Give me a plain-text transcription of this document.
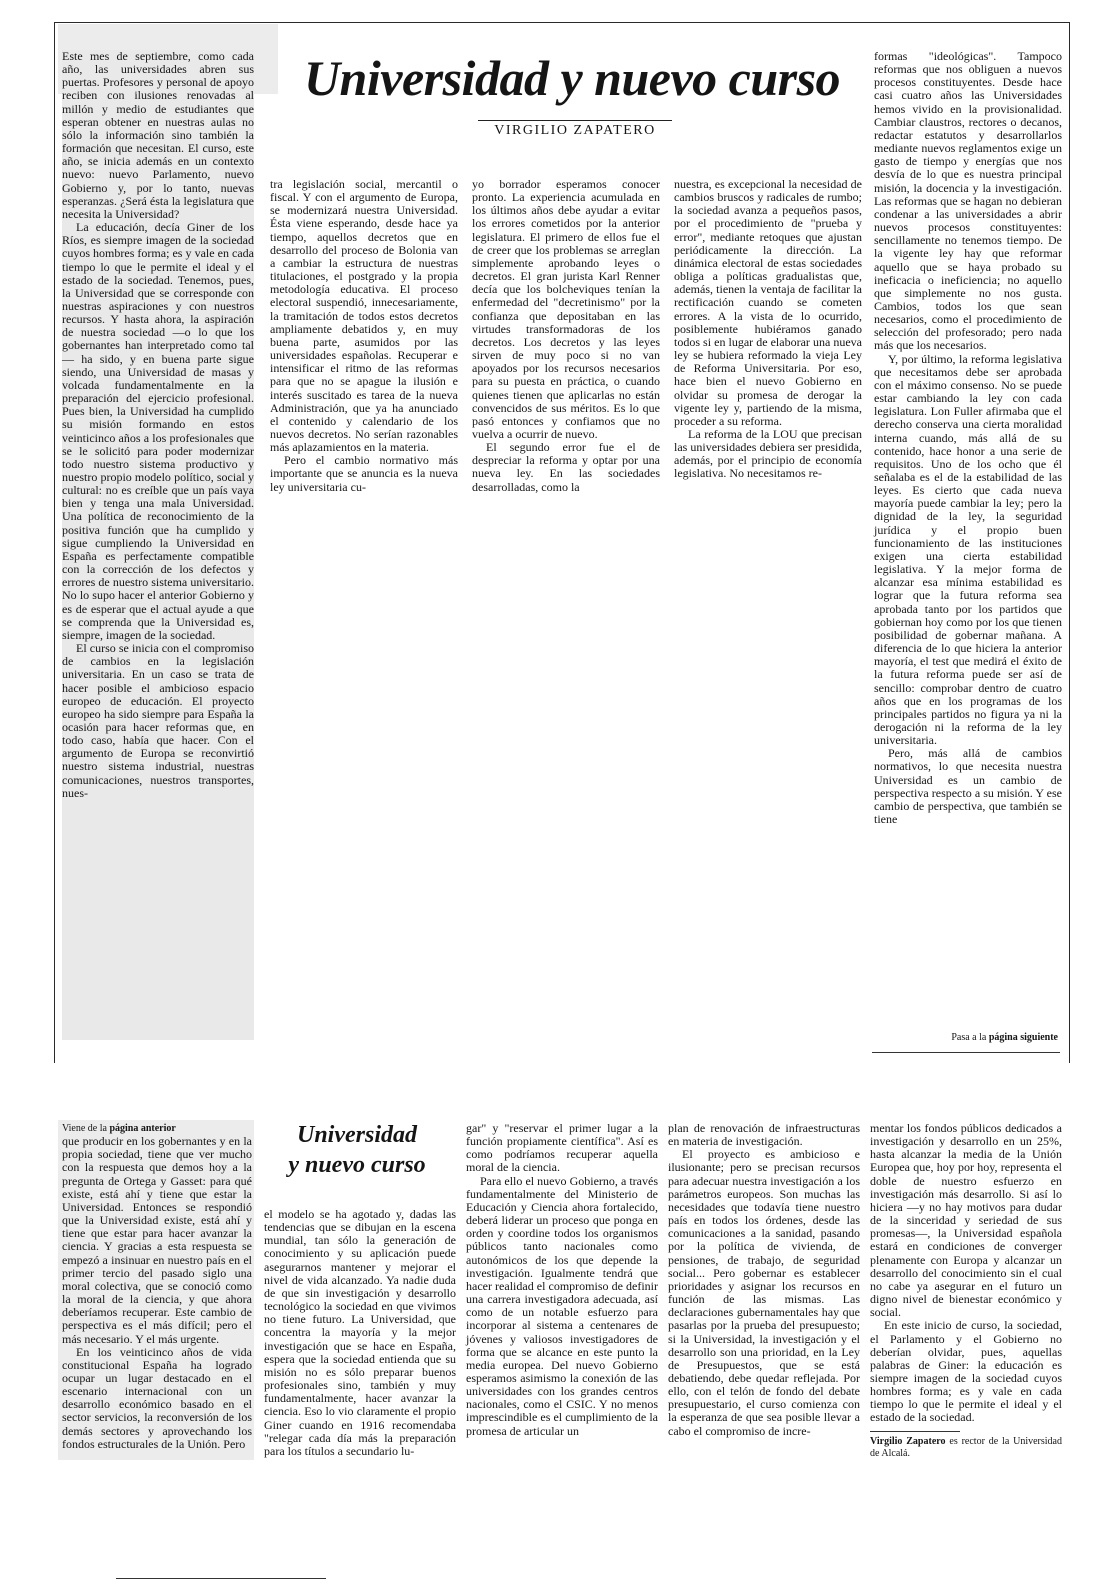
Este mes de septiembre, como cada año, las universidades abren sus puertas. Profesores y personal de apoyo reciben con ilusiones renovadas al millón y medio de estudiantes que esperan obtener en nuestras aulas no sólo la información sino también la formación que necesitan. El curso, este año, se inicia además en un contexto nuevo: nuevo Parlamento, nuevo Gobierno y, por lo tanto, nuevas esperanzas. ¿Será ésta la legislatura que necesita la Universidad?

La educación, decía Giner de los Ríos, es siempre imagen de la sociedad cuyos hombres forma; es y vale en cada tiempo lo que le permite el ideal y el estado de la sociedad. Tenemos, pues, la Universidad que se corresponde con nuestras aspiraciones y con nuestros recursos. Y hasta ahora, la aspiración de nuestra sociedad —o lo que los gobernantes han interpretado como tal— ha sido, y en buena parte sigue siendo, una Universidad de masas y volcada fundamentalmente en la preparación del ejercicio profesional. Pues bien, la Universidad ha cumplido su misión formando en estos veinticinco años a los profesionales que se le solicitó para poder modernizar todo nuestro sistema productivo y nuestro propio modelo político, social y cultural: no es creíble que un país vaya bien y tenga una mala Universidad. Una política de reconocimiento de la positiva función que ha cumplido y sigue cumpliendo la Universidad en España es perfectamente compatible con la corrección de los defectos y errores de nuestro sistema universitario. No lo supo hacer el anterior Gobierno y es de esperar que el actual ayude a que se comprenda que la Universidad es, siempre, imagen de la sociedad.

El curso se inicia con el compromiso de cambios en la legislación universitaria. En un caso se trata de hacer posible el ambicioso espacio europeo de educación. El proyecto europeo ha sido siempre para España la ocasión para hacer reformas que, en todo caso, había que hacer. Con el argumento de Europa se reconvirtió nuestro sistema industrial, nuestras comunicaciones, nuestros transportes, nues-

Universidad y nuevo curso
VIRGILIO ZAPATERO

tra legislación social, mercantil o fiscal. Y con el argumento de Europa, se modernizará nuestra Universidad. Ésta viene esperando, desde hace ya tiempo, aquellos decretos que en desarrollo del proceso de Bolonia van a cambiar la estructura de nuestras titulaciones, el postgrado y la propia metodología educativa. El proceso electoral suspendió, innecesariamente, la tramitación de todos estos decretos ampliamente debatidos y, en muy buena parte, asumidos por las universidades españolas. Recuperar e intensificar el ritmo de las reformas para que no se apague la ilusión e interés suscitado es tarea de la nueva Administración, que ya ha anunciado el contenido y calendario de los nuevos decretos. No serían razonables más aplazamientos en la materia.

Pero el cambio normativo más importante que se anuncia es la nueva ley universitaria cu-

yo borrador esperamos conocer pronto. La experiencia acumulada en los últimos años debe ayudar a evitar los errores cometidos por la anterior legislatura. El primero de ellos fue el de creer que los problemas se arreglan simplemente aprobando leyes o decretos. El gran jurista Karl Renner decía que los bolcheviques tenían la enfermedad del "decretinismo" por la confianza que depositaban en las virtudes transformadoras de los decretos. Los decretos y las leyes sirven de muy poco si no van apoyados por los recursos necesarios para su puesta en práctica, o cuando quienes tienen que aplicarlas no están convencidos de sus méritos. Es lo que pasó entonces y confiamos que no vuelva a ocurrir de nuevo.

El segundo error fue el de despreciar la reforma y optar por una nueva ley. En las sociedades desarrolladas, como la

nuestra, es excepcional la necesidad de cambios bruscos y radicales de rumbo; la sociedad avanza a pequeños pasos, por el procedimiento de "prueba y error", mediante retoques que ajustan periódicamente la dirección. La dinámica electoral de estas sociedades obliga a políticas gradualistas que, además, tienen la ventaja de facilitar la rectificación cuando se cometen errores. A la vista de lo ocurrido, posiblemente hubiéramos ganado todos si en lugar de elaborar una nueva ley se hubiera reformado la vieja Ley de Reforma Universitaria. Por eso, hace bien el nuevo Gobierno en olvidar su promesa de derogar la vigente ley y, partiendo de la misma, proceder a su reforma.

La reforma de la LOU que precisan las universidades debiera ser presidida, además, por el principio de economía legislativa. No necesitamos re-

formas "ideológicas". Tampoco reformas que nos obliguen a nuevos procesos constituyentes. Desde hace casi cuatro años las Universidades hemos vivido en la provisionalidad. Cambiar claustros, rectores o decanos, redactar estatutos y desarrollarlos mediante nuevos reglamentos exige un gasto de tiempo y energías que nos desvía de lo que es nuestra principal misión, la docencia y la investigación. Las reformas que se hagan no debieran condenar a las universidades a abrir nuevos procesos constituyentes: sencillamente no tenemos tiempo. De la vigente ley hay que reformar aquello que se haya probado su ineficacia o ineficiencia; no aquello que simplemente no nos gusta. Cambios, todos los que sean necesarios, como el procedimiento de selección del profesorado; pero nada más que los necesarios.

Y, por último, la reforma legislativa que necesitamos debe ser aprobada con el máximo consenso. No se puede estar cambiando la ley con cada legislatura. Lon Fuller afirmaba que el derecho conserva una cierta moralidad interna cuando, más allá de su contenido, hace honor a una serie de requisitos. Uno de los ocho que él señalaba es el de la estabilidad de las leyes. Es cierto que cada nueva mayoría puede cambiar la ley; pero la dignidad de la ley, la seguridad jurídica y el propio buen funcionamiento de las instituciones exigen una cierta estabilidad legislativa. Y la mejor forma de alcanzar esa mínima estabilidad es lograr que la futura reforma sea aprobada tanto por los partidos que gobiernan hoy como por los que tienen posibilidad de gobernar mañana. A diferencia de lo que hiciera la anterior mayoría, el test que medirá el éxito de la futura reforma puede ser así de sencillo: comprobar dentro de cuatro años que en los programas de los principales partidos no figura ya ni la derogación ni la reforma de la ley universitaria.

Pero, más allá de cambios normativos, lo que necesita nuestra Universidad es un cambio de perspectiva respecto a su misión. Y ese cambio de perspectiva, que también se tiene

Pasa a la página siguiente
Viene de la página anterior

que producir en los gobernantes y en la propia sociedad, tiene que ver mucho con la respuesta que demos hoy a la pregunta de Ortega y Gasset: para qué existe, está ahí y tiene que estar la Universidad. Entonces se respondió que la Universidad existe, está ahí y tiene que estar para hacer avanzar la ciencia. Y gracias a esta respuesta se empezó a insinuar en nuestro país en el primer tercio del pasado siglo una moral colectiva, que se conoció como la moral de la ciencia, y que ahora deberíamos recuperar. Este cambio de perspectiva es el más difícil; pero el más necesario. Y el más urgente.

En los veinticinco años de vida constitucional España ha logrado ocupar un lugar destacado en el escenario internacional con un desarrollo económico basado en el sector servicios, la reconversión de los demás sectores y aprovechando los fondos estructurales de la Unión. Pero

Universidad
y nuevo curso

el modelo se ha agotado y, dadas las tendencias que se dibujan en la escena mundial, tan sólo la generación de conocimiento y su aplicación puede asegurarnos mantener y mejorar el nivel de vida alcanzado. Ya nadie duda de que sin investigación y desarrollo tecnológico la sociedad en que vivimos no tiene futuro. La Universidad, que concentra la mayoría y la mejor investigación que se hace en España, espera que la sociedad entienda que su misión no es sólo preparar buenos profesionales sino, también y muy fundamentalmente, hacer avanzar la ciencia. Eso lo vio claramente el propio Giner cuando en 1916 recomendaba "relegar cada día más la preparación para los títulos a secundario lu-

gar" y "reservar el primer lugar a la función propiamente científica". Así es como podríamos recuperar aquella moral de la ciencia.

Para ello el nuevo Gobierno, a través fundamentalmente del Ministerio de Educación y Ciencia ahora fortalecido, deberá liderar un proceso que ponga en orden y coordine todos los organismos públicos tanto nacionales como autonómicos de los que depende la investigación. Igualmente tendrá que hacer realidad el compromiso de definir una carrera investigadora adecuada, así como de un notable esfuerzo para incorporar al sistema a centenares de jóvenes y valiosos investigadores de forma que se alcance en este punto la media europea. Del nuevo Gobierno esperamos asimismo la conexión de las universidades con los grandes centros nacionales, como el CSIC. Y no menos imprescindible es el cumplimiento de la promesa de articular un

plan de renovación de infraestructuras en materia de investigación.

El proyecto es ambicioso e ilusionante; pero se precisan recursos para adecuar nuestra investigación a los parámetros europeos. Son muchas las necesidades que todavía tiene nuestro país en todos los órdenes, desde las comunicaciones a la sanidad, pasando por la política de vivienda, de pensiones, de trabajo, de seguridad social... Pero gobernar es establecer prioridades y asignar los recursos en función de las mismas. Las declaraciones gubernamentales hay que pasarlas por la prueba del presupuesto; si la Universidad, la investigación y el desarrollo son una prioridad, en la Ley de Presupuestos, que se está debatiendo, debe quedar reflejada. Por ello, con el telón de fondo del debate presupuestario, el curso comienza con la esperanza de que sea posible llevar a cabo el compromiso de incre-

mentar los fondos públicos dedicados a investigación y desarrollo en un 25%, hasta alcanzar la media de la Unión Europea que, hoy por hoy, representa el doble de nuestro esfuerzo en investigación más desarrollo. Si así lo hiciera —y no hay motivos para dudar de la sinceridad y seriedad de sus promesas—, la Universidad española estará en condiciones de converger plenamente con Europa y alcanzar un desarrollo del conocimiento sin el cual no cabe ya asegurar en el futuro un digno nivel de bienestar económico y social.

En este inicio de curso, la sociedad, el Parlamento y el Gobierno no deberían olvidar, pues, aquellas palabras de Giner: la educación es siempre imagen de la sociedad cuyos hombres forma; es y vale en cada tiempo lo que le permite el ideal y el estado de la sociedad.

Virgilio Zapatero es rector de la Universidad de Alcalá.
